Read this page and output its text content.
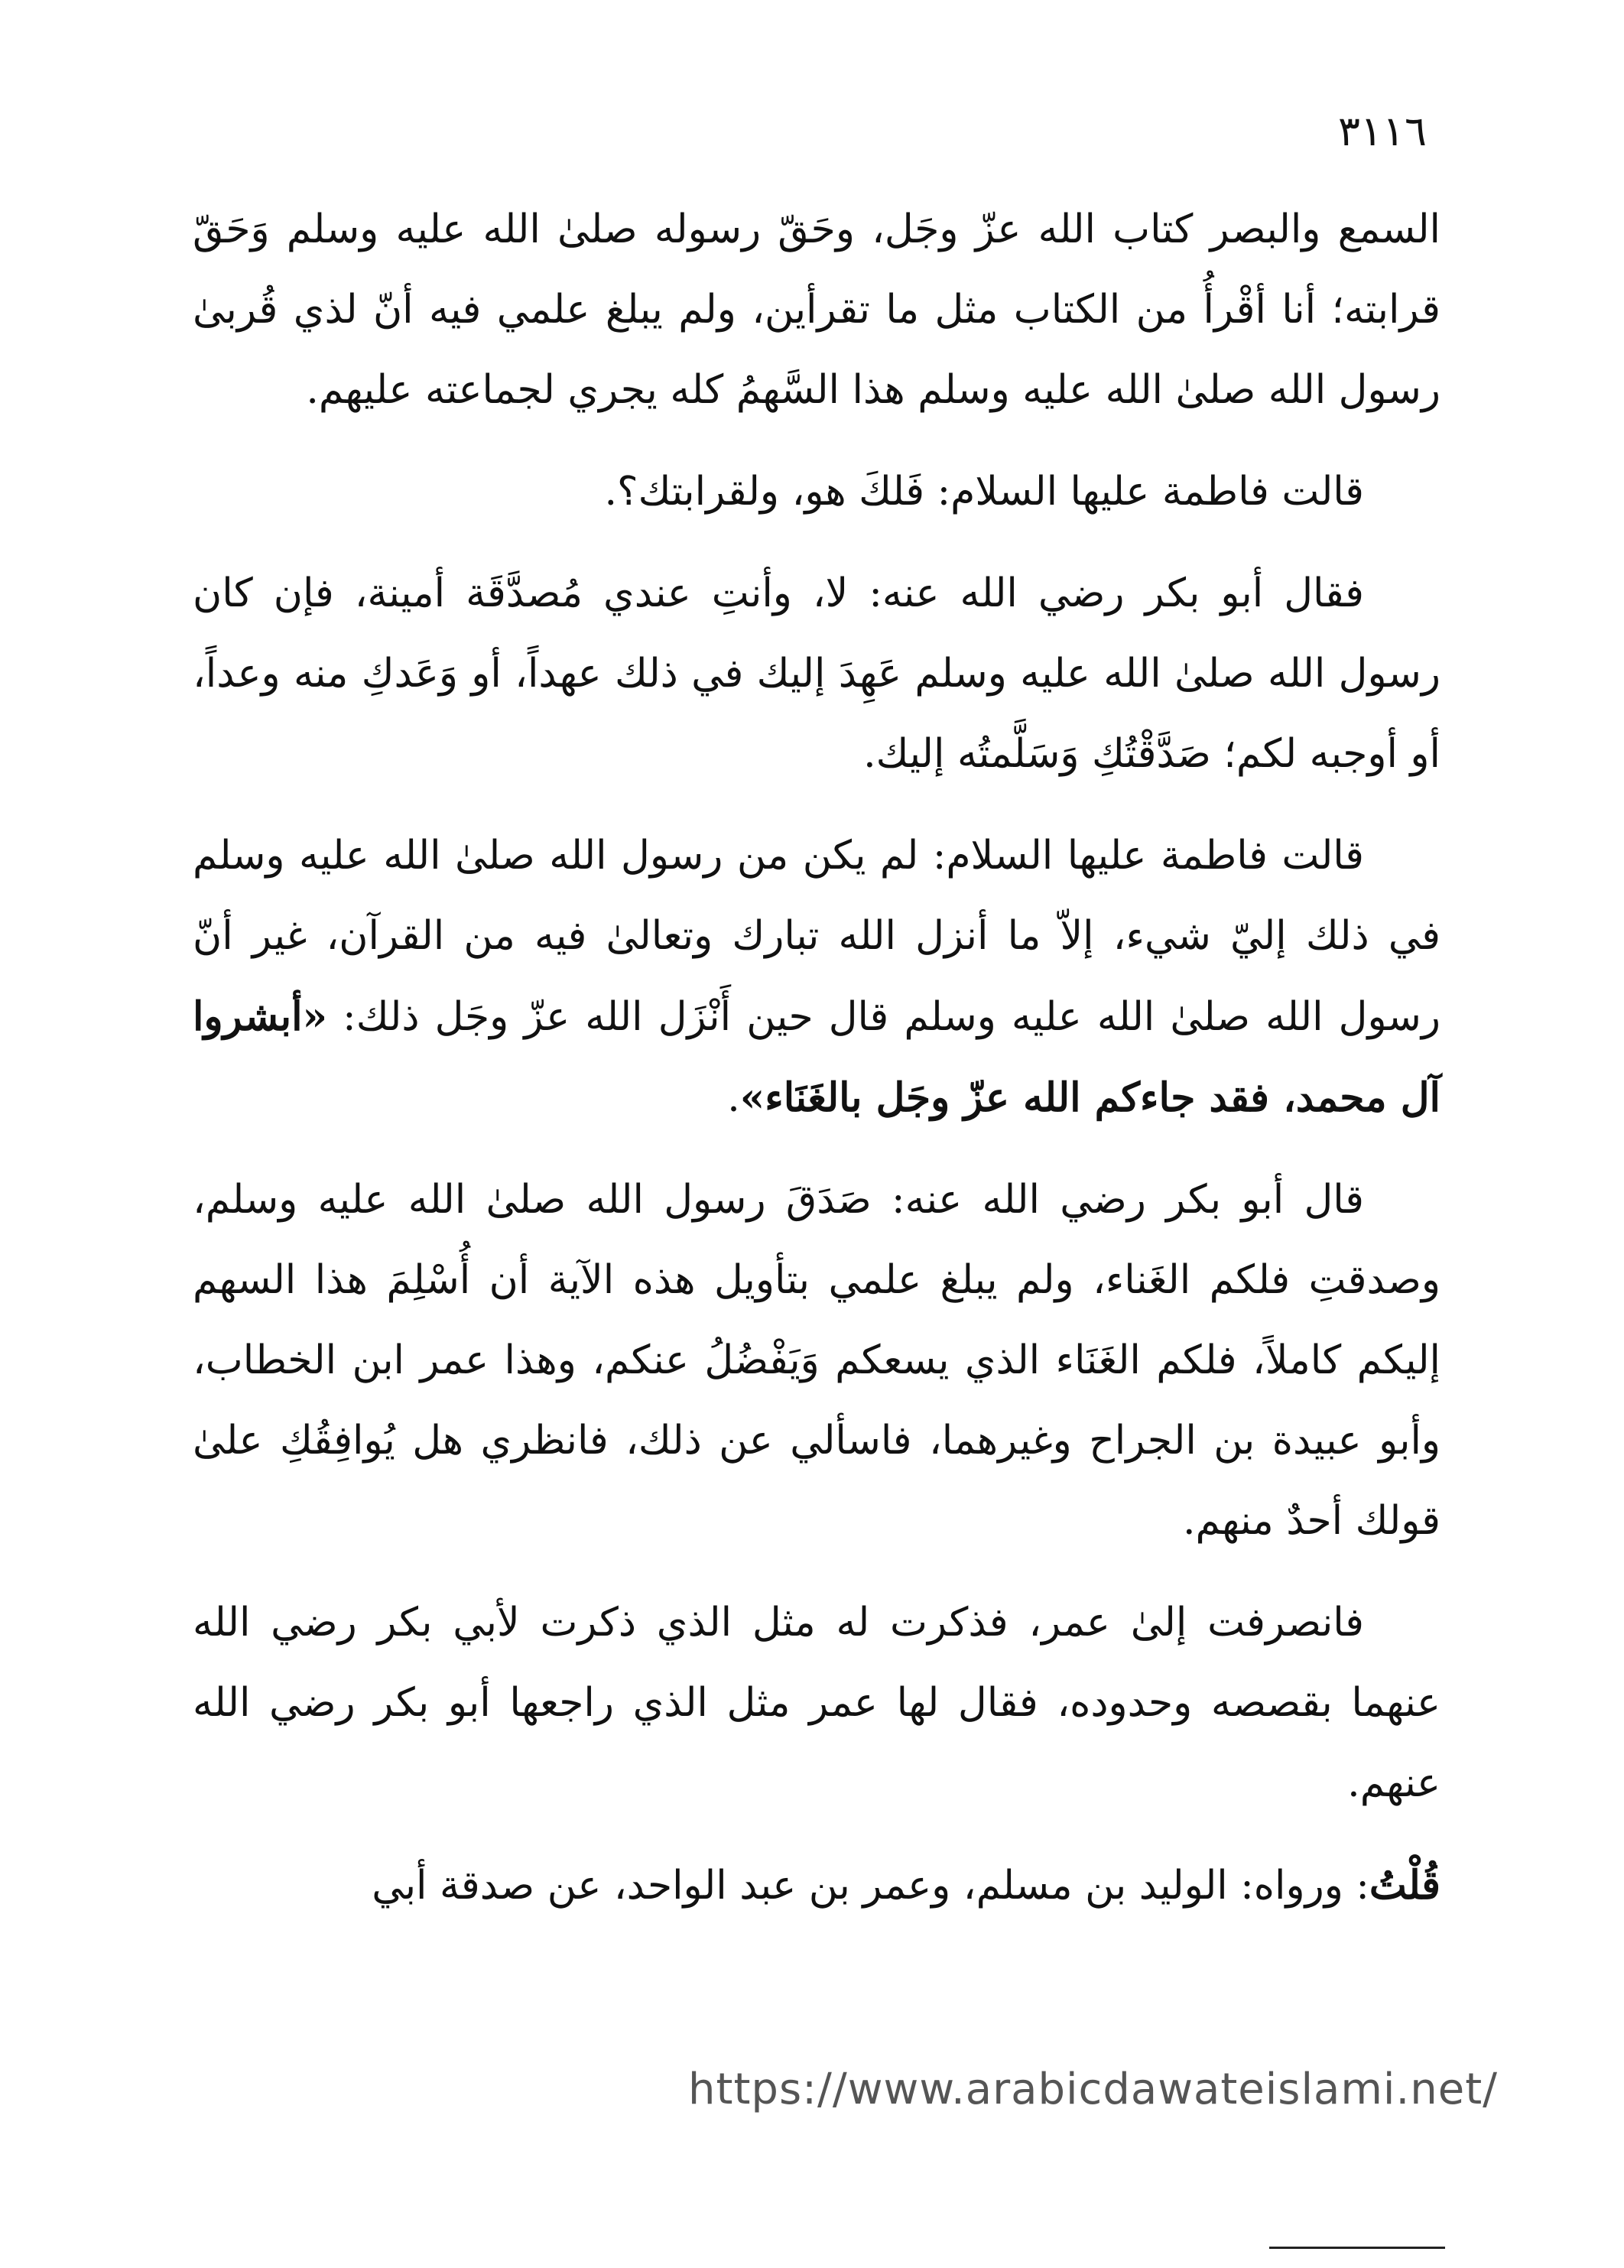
٣١١٦

السمع والبصر كتاب الله عزّ وجَل، وحَقّ رسوله صلىٰ الله عليه وسلم وَحَقّ قرابته؛ أنا أقْرأُ من الكتاب مثل ما تقرأين، ولم يبلغ علمي فيه أنّ لذي قُربىٰ رسول الله صلىٰ الله عليه وسلم هذا السَّهمُ كله يجري لجماعته عليهم.

قالت فاطمة عليها السلام: فَلكَ هو، ولقرابتك؟.

فقال أبو بكر رضي الله عنه: لا، وأنتِ عندي مُصدَّقَة أمينة، فإن كان رسول الله صلىٰ الله عليه وسلم عَهِدَ إليك في ذلك عهداً، أو وَعَدكِ منه وعداً، أو أوجبه لكم؛ صَدَّقْتُكِ وَسَلَّمتُه إليك.

قالت فاطمة عليها السلام: لم يكن من رسول الله صلىٰ الله عليه وسلم في ذلك إليّ شيء، إلاّ ما أنزل الله تبارك وتعالىٰ فيه من القرآن، غير أنّ رسول الله صلىٰ الله عليه وسلم قال حين أَنْزَل الله عزّ وجَل ذلك: «أبشروا آل محمد، فقد جاءكم الله عزّ وجَل بالغَنَاء».

قال أبو بكر رضي الله عنه: صَدَقَ رسول الله صلىٰ الله عليه وسلم، وصدقتِ فلكم الغَناء، ولم يبلغ علمي بتأويل هذه الآية أن أُسْلِمَ هذا السهم إليكم كاملاً، فلكم الغَنَاء الذي يسعكم وَيَفْضُلُ عنكم، وهذا عمر ابن الخطاب، وأبو عبيدة بن الجراح وغيرهما، فاسألي عن ذلك، فانظري هل يُوافِقُكِ علىٰ قولك أحدٌ منهم.

فانصرفت إلىٰ عمر، فذكرت له مثل الذي ذكرت لأبي بكر رضي الله عنهما بقصصه وحدوده، فقال لها عمر مثل الذي راجعها أبو بكر رضي الله عنهم.

قُلْتُ: ورواه: الوليد بن مسلم، وعمر بن عبد الواحد، عن صدقة أبي

https://www.arabicdawateislami.net/
